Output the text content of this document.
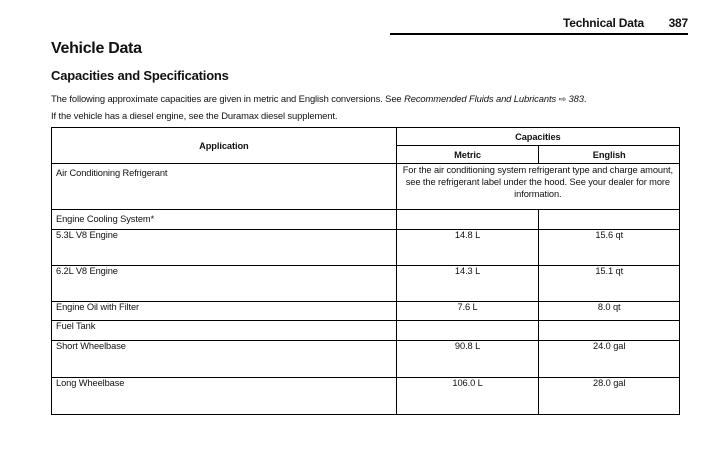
Technical Data 387
Vehicle Data
Capacities and Specifications
The following approximate capacities are given in metric and English conversions. See Recommended Fluids and Lubricants ⇨ 383.
If the vehicle has a diesel engine, see the Duramax diesel supplement.
Application	Capacities	
	Metric	English
Air Conditioning Refrigerant	For the air conditioning system refrigerant type and charge amount, see the refrigerant label under the hood. See your dealer for more information.	
Engine Cooling System*		
5.3L V8 Engine	14.8 L	15.6 qt
6.2L V8 Engine	14.3 L	15.1 qt
Engine Oil with Filter	7.6 L	8.0 qt
Fuel Tank		
Short Wheelbase	90.8 L	24.0 gal
Long Wheelbase	106.0 L	28.0 gal
